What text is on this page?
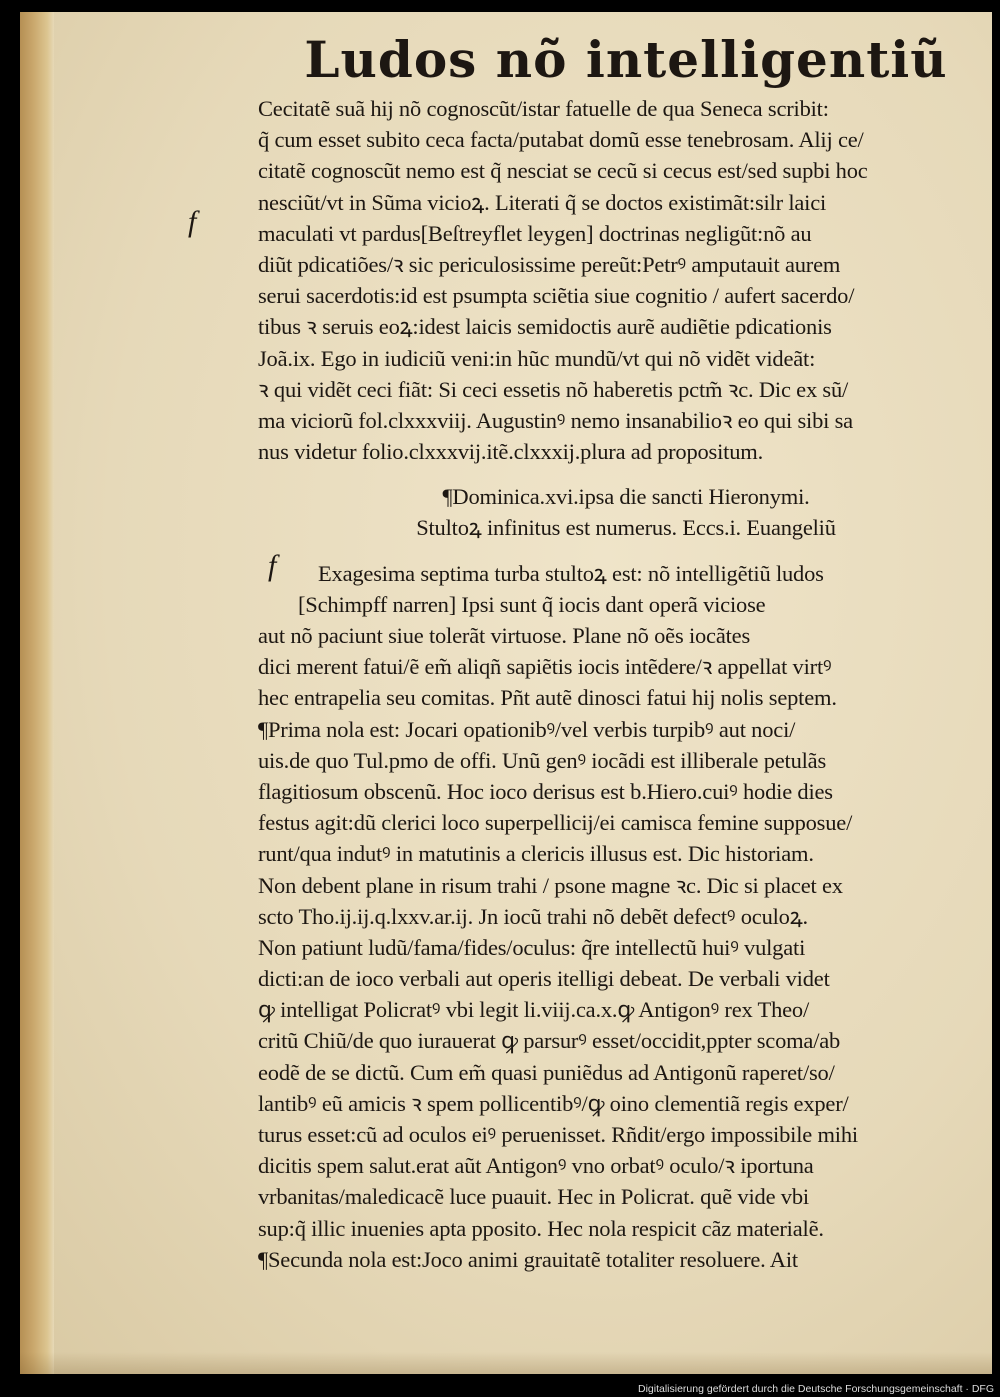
Ludos nõ intelligentiũ
Cecitatẽ suã hij nõ cognoscũt/istar fatuelle de qua Seneca scribit:
q̃ cum esset subito ceca facta/putabat domũ esse tenebrosam. Alij ce/
citatẽ cognoscũt nemo est q̃ nesciat se cecũ si cecus est/sed supbi hoc
nesciũt/vt in Sũma vicioꝝ. Literati q̃ se doctos existimãt:silr laici
maculati vt pardus[Beſtreyflet leygen] doctrinas negligũt:nõ au
diũt pdicatiões/ꝛ sic periculosissime pereũt:Petrꝰ amputauit aurem
serui sacerdotis:id est psumpta sciẽtia siue cognitio / aufert sacerdo/
tibus ꝛ seruis eoꝝ:idest laicis semidoctis aurẽ audiẽtie pdicationis
Joã.ix. Ego in iudiciũ veni:in hũc mundũ/vt qui nõ vidẽt videãt:
ꝛ qui vidẽt ceci fiãt: Si ceci essetis nõ haberetis pctm̃ ꝛc. Dic ex sũ/
ma viciorũ fol.clxxxviij. Augustinꝰ nemo insanabilioꝛ eo qui sibi sa
nus videtur folio.clxxxvij.itẽ.clxxxij.plura ad propositum.
¶Dominica.xvi.ipsa die sancti Hieronymi.
Stultoꝝ infinitus est numerus. Eccs.i. Euangeliũ
Exagesima septima turba stultoꝝ est: nõ intelligẽtiũ ludos
[Schimpff narren] Ipsi sunt q̃ iocis dant operã viciose
aut nõ paciunt siue tolerãt virtuose. Plane nõ oẽs iocãtes
dici merent fatui/ẽ em̃ aliqñ sapiẽtis iocis intẽdere/ꝛ appellat virtꝰ
hec entrapelia seu comitas. Pñt autẽ dinosci fatui hij nolis septem.
¶Prima nola est: Jocari opationibꝰ/vel verbis turpibꝰ aut noci/
uis.de quo Tul.pmo de offi. Unũ genꝰ iocãdi est illiberale petulãs
flagitiosum obscenũ. Hoc ioco derisus est b.Hiero.cuiꝰ hodie dies
festus agit:dũ clerici loco superpellicij/ei camisca femine supposue/
runt/qua indutꝰ in matutinis a clericis illusus est. Dic historiam.
Non debent plane in risum trahi / psone magne ꝛc. Dic si placet ex
scto Tho.ij.ij.q.lxxv.ar.ij. Jn iocũ trahi nõ debẽt defectꝰ oculoꝝ.
Non patiunt ludũ/fama/fides/oculus: q̃re intellectũ huiꝰ vulgati
dicti:an de ioco verbali aut operis itelligi debeat. De verbali videt
ꝙ intelligat Policratꝰ vbi legit li.viij.ca.x.ꝙ Antigonꝰ rex Theo/
critũ Chiũ/de quo iurauerat ꝙ parsurꝰ esset/occidit,ppter scoma/ab
eodẽ de se dictũ. Cum em̃ quasi puniẽdus ad Antigonũ raperet/so/
lantibꝰ eũ amicis ꝛ spem pollicentibꝰ/ꝙ oino clementiã regis exper/
turus esset:cũ ad oculos eiꝰ peruenisset. Rñdit/ergo impossibile mihi
dicitis spem salut.erat aũt Antigonꝰ vno orbatꝰ oculo/ꝛ iportuna
vrbanitas/maledicacẽ luce puauit. Hec in Policrat. quẽ vide vbi
sup:q̃ illic inuenies apta pposito. Hec nola respicit cãz materialẽ.
¶Secunda nola est:Joco animi grauitatẽ totaliter resoluere. Ait
f
f
Digitalisierung gefördert durch die Deutsche Forschungsgemeinschaft · DFG
